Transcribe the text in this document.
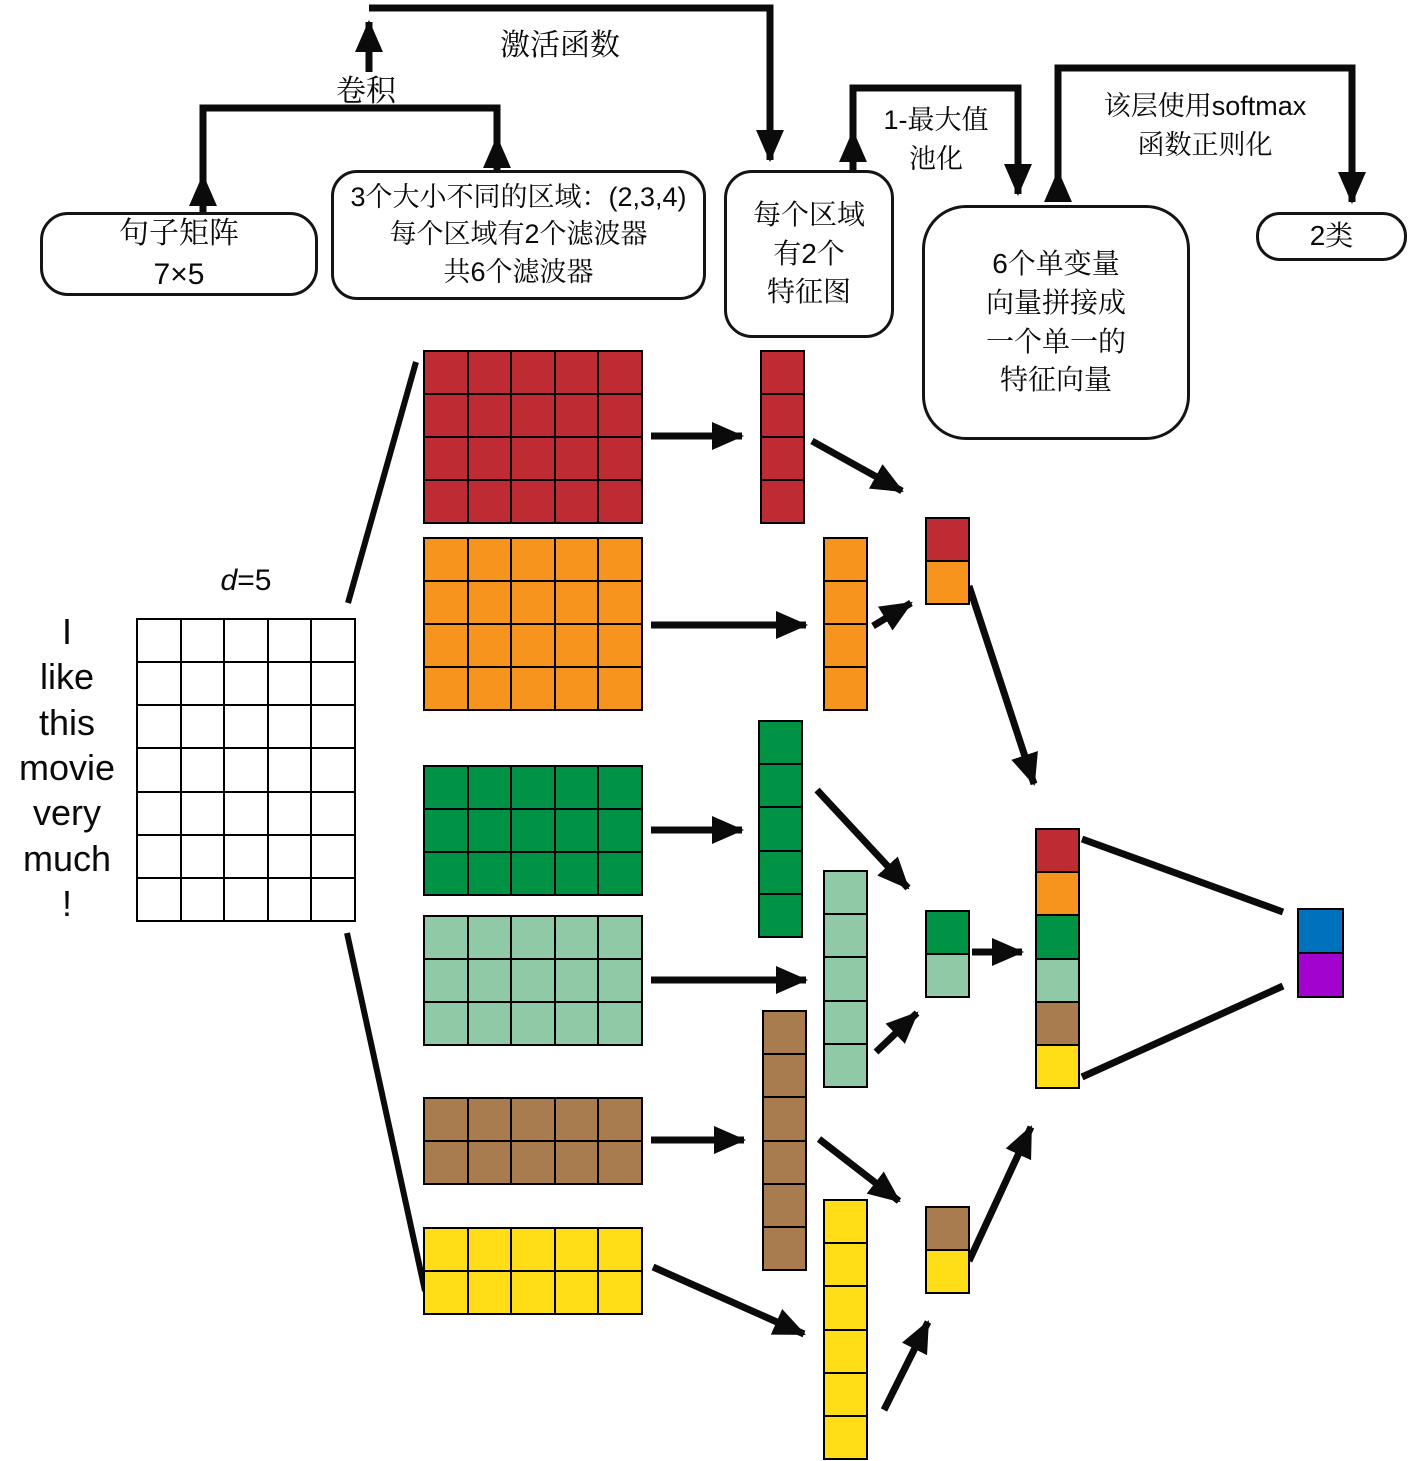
卷积
激活函数
1-最大值
池化
该层使用softmax
函数正则化
d=5
句子矩阵
7×5
3个大小不同的区域：(2,3,4)
每个区域有2个滤波器
共6个滤波器
每个区域
有2个
特征图
6个单变量
向量拼接成
一个单一的
特征向量
2类
I
like
this
movie
very
much
!
